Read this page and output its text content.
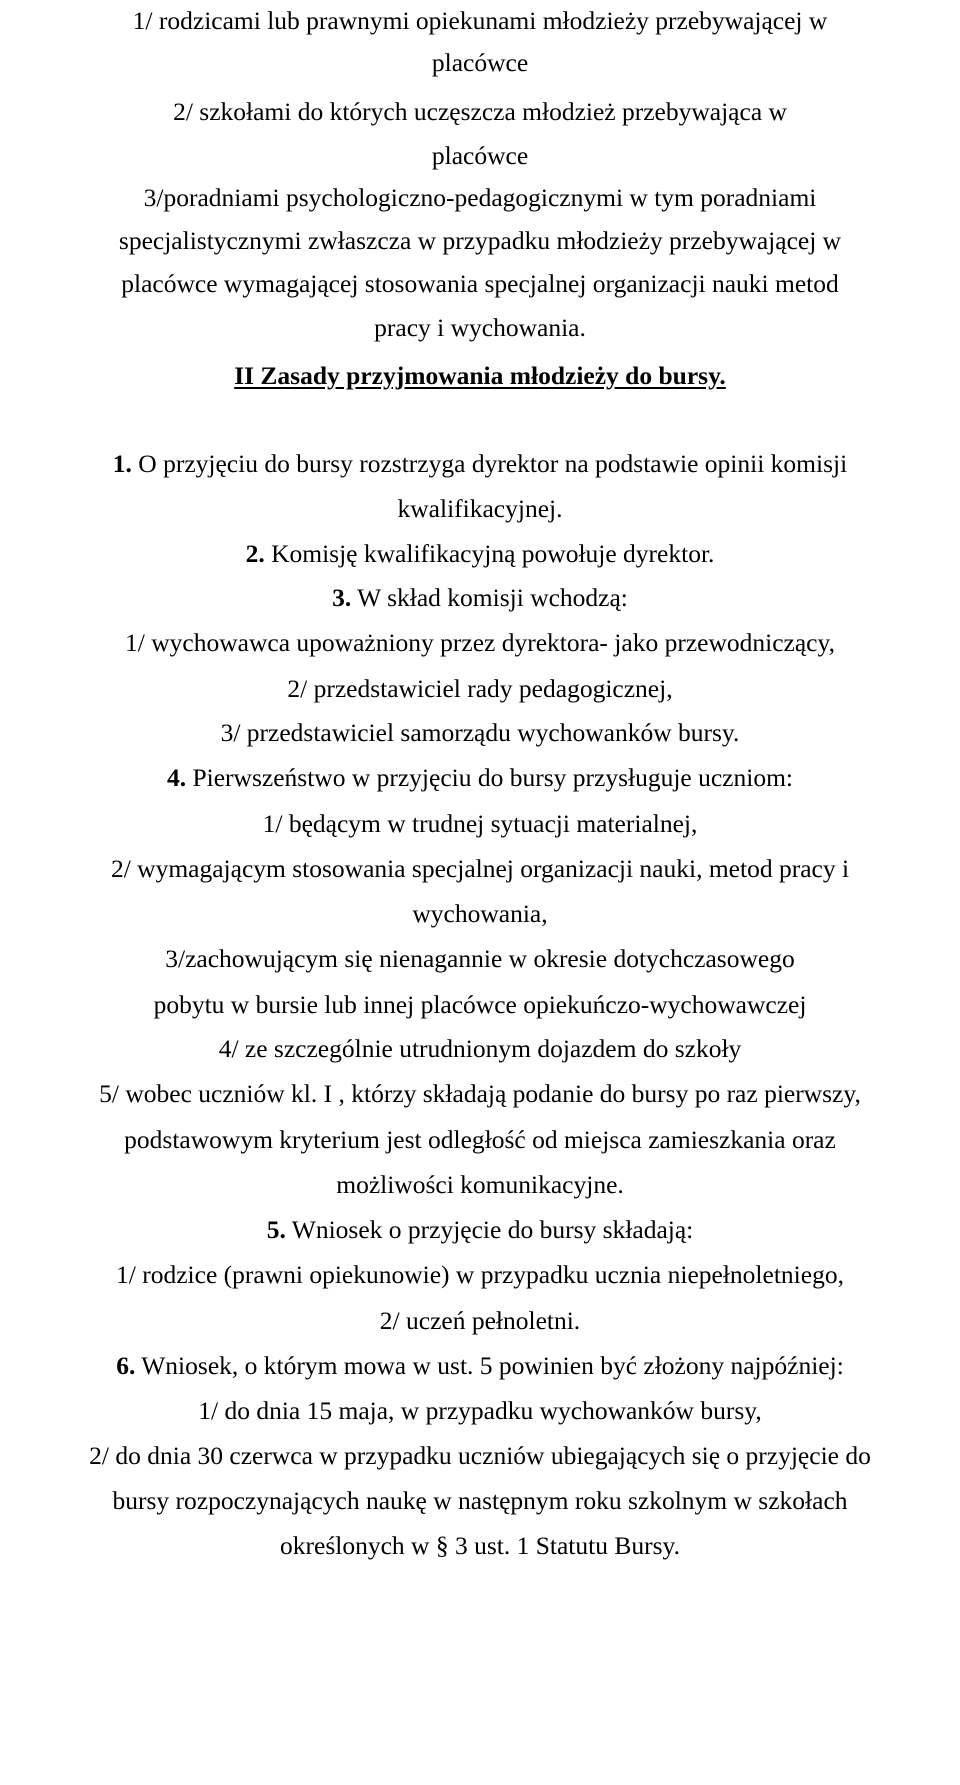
1/ rodzicami lub prawnymi opiekunami młodzieży przebywającej w
placówce
2/ szkołami do których uczęszcza młodzież przebywająca w
placówce
3/poradniami psychologiczno-pedagogicznymi w tym poradniami
specjalistycznymi zwłaszcza w przypadku młodzieży przebywającej w
placówce wymagającej stosowania specjalnej organizacji nauki metod
pracy i wychowania.
II Zasady przyjmowania młodzieży do bursy.
1. O przyjęciu do bursy rozstrzyga dyrektor na podstawie opinii komisji
kwalifikacyjnej.
2. Komisję kwalifikacyjną powołuje dyrektor.
3. W skład komisji wchodzą:
1/ wychowawca upoważniony przez dyrektora- jako przewodniczący,
2/ przedstawiciel rady pedagogicznej,
3/ przedstawiciel samorządu wychowanków bursy.
4. Pierwszeństwo w przyjęciu do bursy przysługuje uczniom:
1/ będącym w trudnej sytuacji materialnej,
2/ wymagającym stosowania specjalnej organizacji nauki, metod pracy i
wychowania,
3/zachowującym się nienagannie w okresie dotychczasowego
pobytu w bursie lub innej placówce opiekuńczo-wychowawczej
4/ ze szczególnie utrudnionym dojazdem do szkoły
5/ wobec uczniów kl. I , którzy składają podanie do bursy po raz pierwszy,
podstawowym kryterium jest odległość od miejsca zamieszkania oraz
możliwości komunikacyjne.
5. Wniosek o przyjęcie do bursy składają:
1/ rodzice (prawni opiekunowie) w przypadku ucznia niepełnoletniego,
2/ uczeń pełnoletni.
6. Wniosek, o którym mowa w ust. 5 powinien być złożony najpóźniej:
1/ do dnia 15 maja, w przypadku wychowanków bursy,
2/ do dnia 30 czerwca w przypadku uczniów ubiegających się o przyjęcie do
bursy rozpoczynających naukę w następnym roku szkolnym w szkołach
określonych w § 3 ust. 1 Statutu Bursy.
